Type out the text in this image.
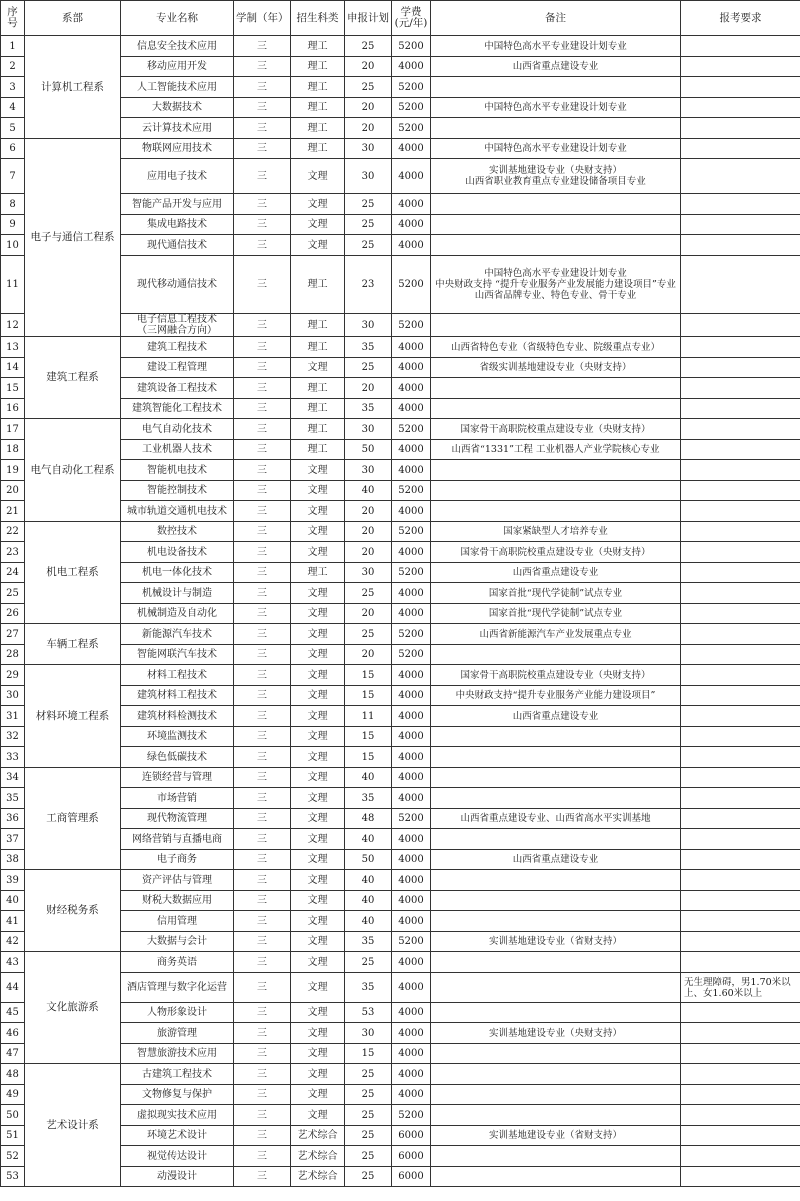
序号	系部	专业名称	学制（年）	招生科类	申报计划	学费(元/年)	备注	报考要求
1	计算机工程系	信息安全技术应用	三	理工	25	5200	中国特色高水平专业建设计划专业	
2		移动应用开发	三	理工	20	4000	山西省重点建设专业	
3		人工智能技术应用	三	理工	25	5200		
4		大数据技术	三	理工	20	5200	中国特色高水平专业建设计划专业	
5		云计算技术应用	三	理工	20	5200		
6	电子与通信工程系	物联网应用技术	三	理工	30	4000	中国特色高水平专业建设计划专业	
7		应用电子技术	三	文理	30	4000	实训基地建设专业（央财支持）
山西省职业教育重点专业建设储备项目专业	
8		智能产品开发与应用	三	文理	25	4000		
9		集成电路技术	三	文理	25	4000		
10		现代通信技术	三	文理	25	4000		
11		现代移动通信技术	三	理工	23	5200	中国特色高水平专业建设计划专业
中央财政支持 “提升专业服务产业发展能力建设项目”专业
山西省品牌专业、特色专业、骨干专业	
12		电子信息工程技术
（三网融合方向）	三	理工	30	5200		
13	建筑工程系	建筑工程技术	三	理工	35	4000	山西省特色专业（省级特色专业、院级重点专业）	
14		建设工程管理	三	文理	25	4000	省级实训基地建设专业（央财支持）	
15		建筑设备工程技术	三	理工	20	4000		
16		建筑智能化工程技术	三	理工	35	4000		
17	电气自动化工程系	电气自动化技术	三	理工	30	5200	国家骨干高职院校重点建设专业（央财支持）	
18		工业机器人技术	三	理工	50	4000	山西省“1331”工程 工业机器人产业学院核心专业	
19		智能机电技术	三	文理	30	4000		
20		智能控制技术	三	文理	40	5200		
21		城市轨道交通机电技术	三	文理	20	4000		
22	机电工程系	数控技术	三	文理	20	5200	国家紧缺型人才培养专业	
23		机电设备技术	三	文理	20	4000	国家骨干高职院校重点建设专业（央财支持）	
24		机电一体化技术	三	理工	30	5200	山西省重点建设专业	
25		机械设计与制造	三	文理	25	4000	国家首批“现代学徒制”试点专业	
26		机械制造及自动化	三	文理	20	4000	国家首批“现代学徒制”试点专业	
27	车辆工程系	新能源汽车技术	三	文理	25	5200	山西省新能源汽车产业发展重点专业	
28		智能网联汽车技术	三	文理	20	5200		
29	材料环境工程系	材料工程技术	三	文理	15	4000	国家骨干高职院校重点建设专业（央财支持）	
30		建筑材料工程技术	三	文理	15	4000	中央财政支持“提升专业服务产业能力建设项目”	
31		建筑材料检测技术	三	文理	11	4000	山西省重点建设专业	
32		环境监测技术	三	文理	15	4000		
33		绿色低碳技术	三	文理	15	4000		
34	工商管理系	连锁经营与管理	三	文理	40	4000		
35		市场营销	三	文理	35	4000		
36		现代物流管理	三	文理	48	5200	山西省重点建设专业、山西省高水平实训基地	
37		网络营销与直播电商	三	文理	40	4000		
38		电子商务	三	文理	50	4000	山西省重点建设专业	
39	财经税务系	资产评估与管理	三	文理	40	4000		
40		财税大数据应用	三	文理	40	4000		
41		信用管理	三	文理	40	4000		
42		大数据与会计	三	文理	35	5200	实训基地建设专业（省财支持）	
43	文化旅游系	商务英语	三	文理	25	4000		
44		酒店管理与数字化运营	三	文理	35	4000		无生理障碍，男1.70米以上、女1.60米以上
45		人物形象设计	三	文理	53	4000		
46		旅游管理	三	文理	30	4000	实训基地建设专业（央财支持）	
47		智慧旅游技术应用	三	文理	15	4000		
48	艺术设计系	古建筑工程技术	三	文理	25	4000		
49		文物修复与保护	三	文理	25	4000		
50		虚拟现实技术应用	三	文理	25	5200		
51		环境艺术设计	三	艺术综合	25	6000	实训基地建设专业（省财支持）	
52		视觉传达设计	三	艺术综合	25	6000		
53		动漫设计	三	艺术综合	25	6000		
